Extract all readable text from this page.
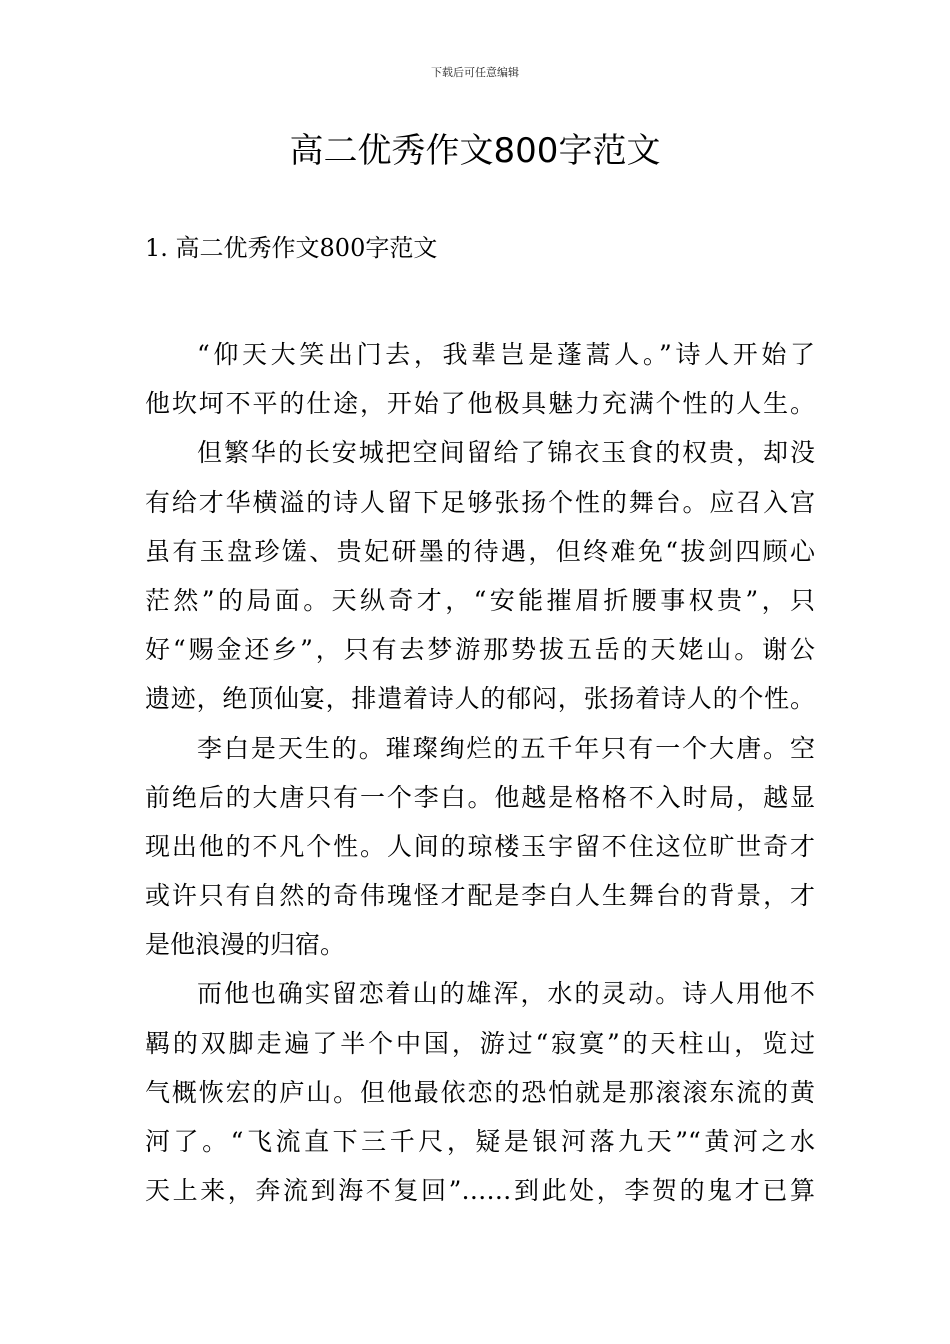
下载后可任意编辑
高二优秀作文800字范文
1. 高二优秀作文800字范文
“仰天大笑出门去，我辈岂是蓬蒿人。”诗人开始了
他坎坷不平的仕途，开始了他极具魅力充满个性的人生。
但繁华的长安城把空间留给了锦衣玉食的权贵，却没
有给才华横溢的诗人留下足够张扬个性的舞台。应召入宫
虽有玉盘珍馐、贵妃研墨的待遇，但终难免“拔剑四顾心
茫然”的局面。天纵奇才，“安能摧眉折腰事权贵”，只
好“赐金还乡”，只有去梦游那势拔五岳的天姥山。谢公
遗迹，绝顶仙宴，排遣着诗人的郁闷，张扬着诗人的个性。
李白是天生的。璀璨绚烂的五千年只有一个大唐。空
前绝后的大唐只有一个李白。他越是格格不入时局，越显
现出他的不凡个性。人间的琼楼玉宇留不住这位旷世奇才
或许只有自然的奇伟瑰怪才配是李白人生舞台的背景，才
是他浪漫的归宿。
而他也确实留恋着山的雄浑，水的灵动。诗人用他不
羁的双脚走遍了半个中国，游过“寂寞”的天柱山，览过
气概恢宏的庐山。但他最依恋的恐怕就是那滚滚东流的黄
河了。“飞流直下三千尺，疑是银河落九天”“黄河之水
天上来，奔流到海不复回”……到此处，李贺的鬼才已算
